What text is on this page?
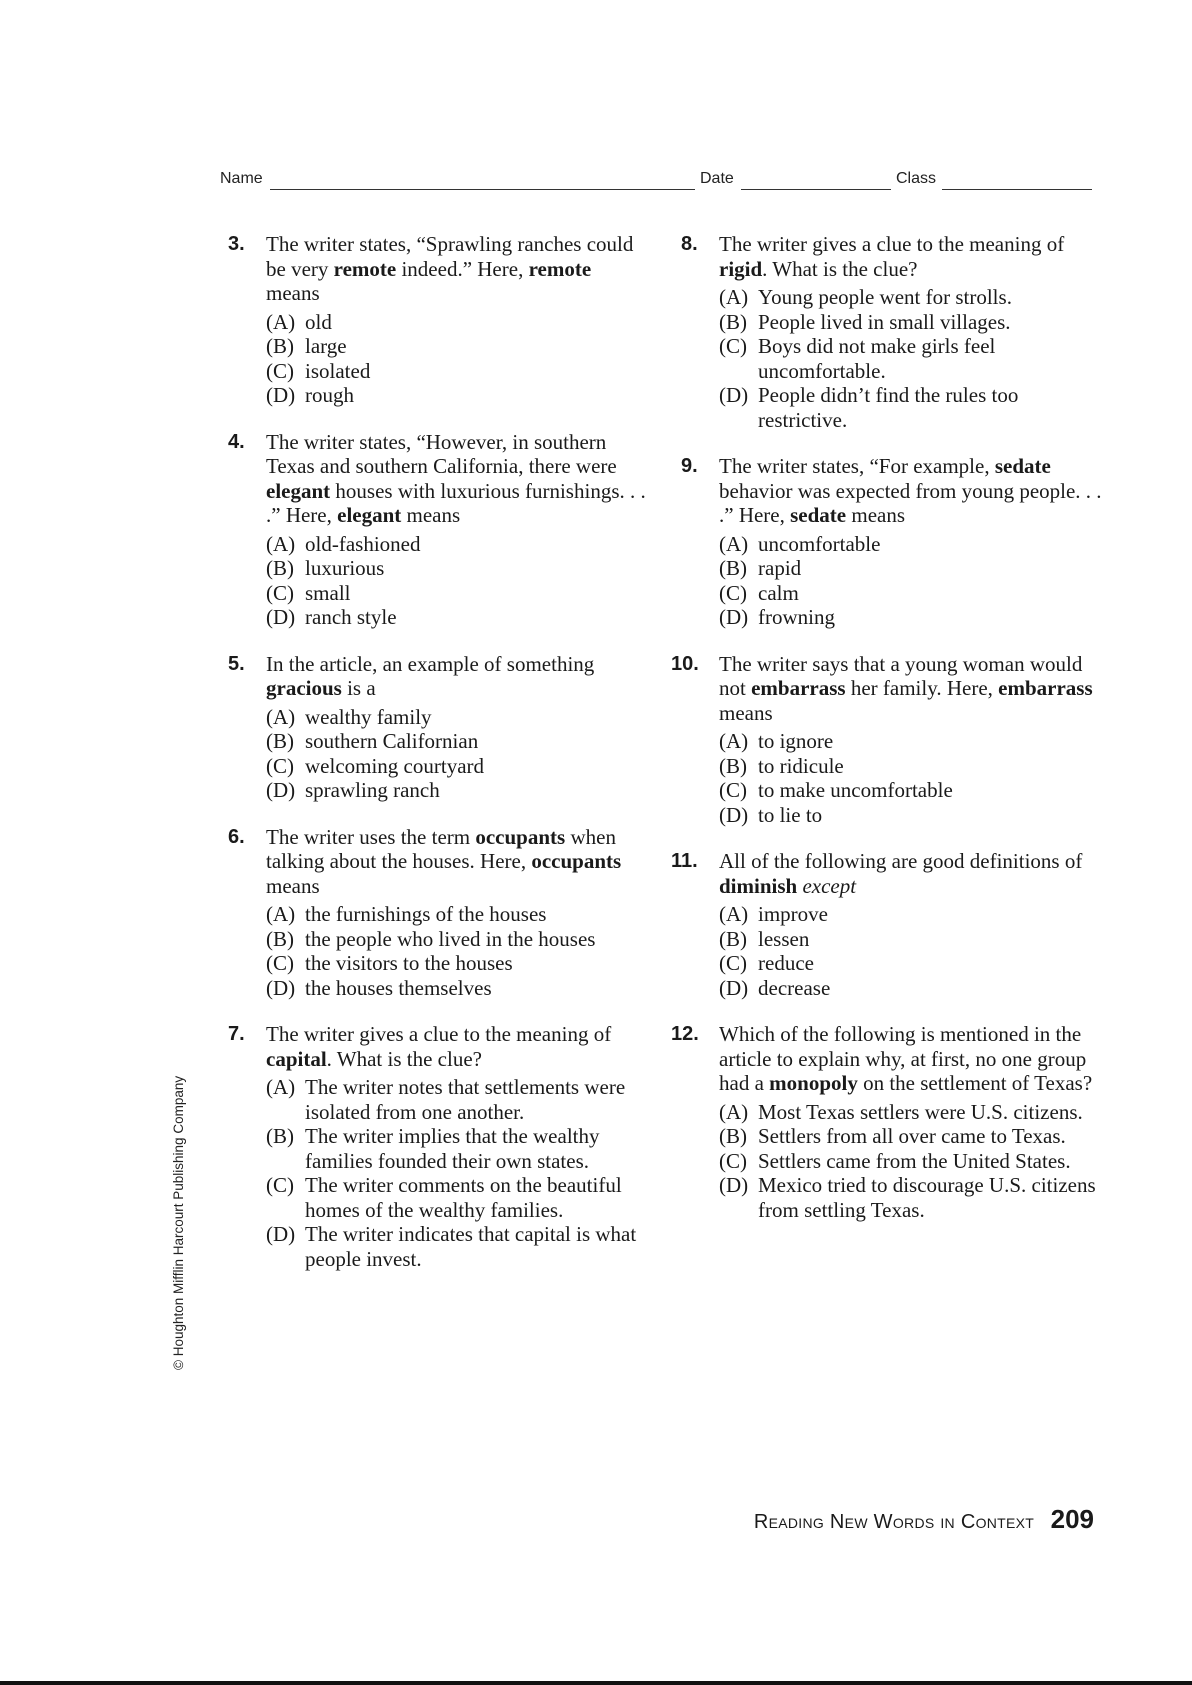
Name	Date	Class
© Houghton Mifflin Harcourt Publishing Company
3. The writer states, “Sprawling ranches could be very remote indeed.” Here, remote means

(A) old
(B) large
(C) isolated
(D) rough
4. The writer states, “However, in southern Texas and southern California, there were elegant houses with luxurious furnishings. . . .” Here, elegant means

(A) old-fashioned
(B) luxurious
(C) small
(D) ranch style
5. In the article, an example of something gracious is a

(A) wealthy family
(B) southern Californian
(C) welcoming courtyard
(D) sprawling ranch
6. The writer uses the term occupants when talking about the houses. Here, occupants means

(A) the furnishings of the houses
(B) the people who lived in the houses
(C) the visitors to the houses
(D) the houses themselves
7. The writer gives a clue to the meaning of capital. What is the clue?

(A) The writer notes that settlements were isolated from one another.
(B) The writer implies that the wealthy families founded their own states.
(C) The writer comments on the beautiful homes of the wealthy families.
(D) The writer indicates that capital is what people invest.
8. The writer gives a clue to the meaning of rigid. What is the clue?

(A) Young people went for strolls.
(B) People lived in small villages.
(C) Boys did not make girls feel uncomfortable.
(D) People didn’t find the rules too restrictive.
9. The writer states, “For example, sedate behavior was expected from young people. . . .” Here, sedate means

(A) uncomfortable
(B) rapid
(C) calm
(D) frowning
10. The writer says that a young woman would not embarrass her family. Here, embarrass means

(A) to ignore
(B) to ridicule
(C) to make uncomfortable
(D) to lie to
11. All of the following are good definitions of diminish except

(A) improve
(B) lessen
(C) reduce
(D) decrease
12. Which of the following is mentioned in the article to explain why, at first, no one group had a monopoly on the settlement of Texas?

(A) Most Texas settlers were U.S. citizens.
(B) Settlers from all over came to Texas.
(C) Settlers came from the United States.
(D) Mexico tried to discourage U.S. citizens from settling Texas.
Reading New Words in Context 209
